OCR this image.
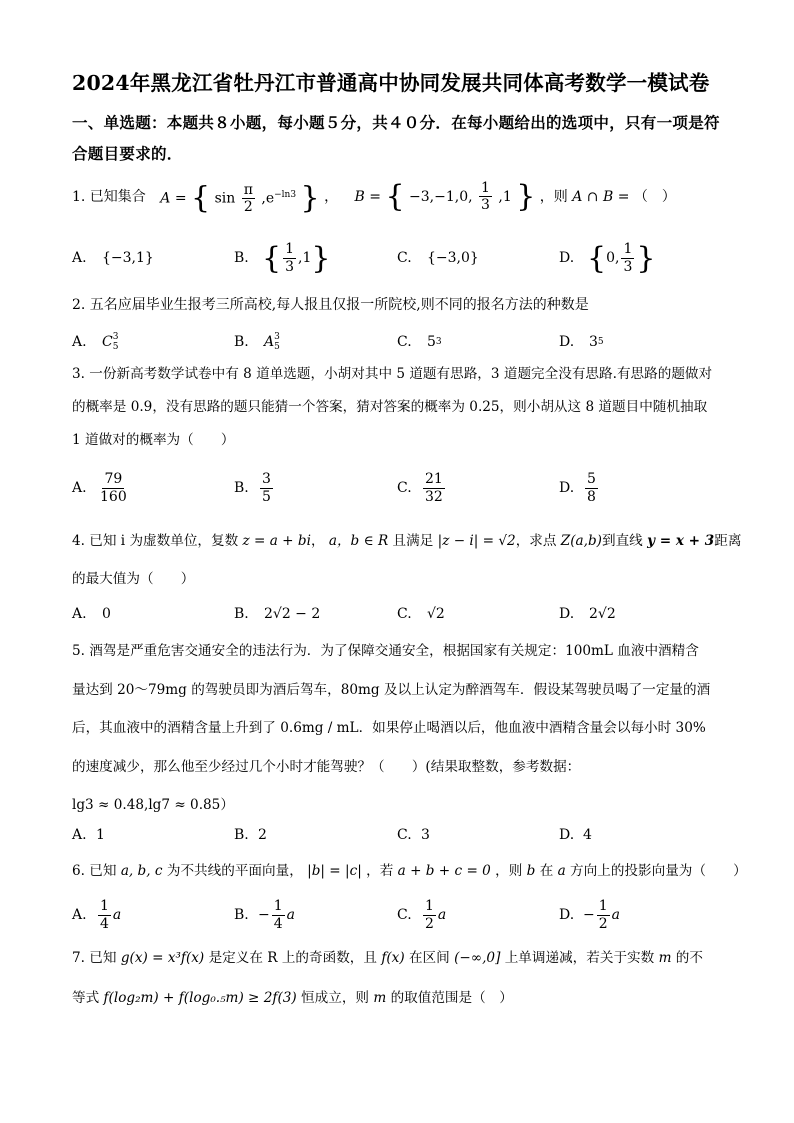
2024年黑龙江省牡丹江市普通高中协同发展共同体高考数学一模试卷
一、单选题：本题共８小题，每小题５分，共４０分．在每小题给出的选项中，只有一项是符
合题目要求的．
1. 已知集合 A = { $\sin \frac{\pi}{2} ,e^{-ln3}$ } ， B = { −3,−1,0, $\frac{1}{3} ,1$ } ，则 A ∩ B = （　）
A.	{−3,1}	B. { $\frac{1}{3} ,1$ }	C.	{−3,0}	D. { 0, $\frac{1}{3}$ }
2. 五名应届毕业生报考三所高校,每人报且仅报一所院校,则不同的报名方法的种数是
A.	C 3
5	B.	A 3
5	C.	5 3	D.	3 5
3. 一份新高考数学试卷中有 8 道单选题，小胡对其中 5 道题有思路，3 道题完全没有思路.有思路的题做对
的概率是 0.9，没有思路的题只能猜一个答案，猜对答案的概率为 0.25，则小胡从这 8 道题目中随机抽取
1 道做对的概率为（　　）
A. $\frac{79}{160}$	B. $\frac{3}{5}$	C. $\frac{21}{32}$	D. $\frac{5}{8}$
4. 已知 i 为虚数单位，复数 z = a + bi， a，b ∈ R 且满足 |z − i| = √2，求点 Z(a,b)到直线 y = x + 3距离
的最大值为（　　）
A.	0	B.	2√2 − 2	C.	√2	D.	2√2
5. 酒驾是严重危害交通安全的违法行为．为了保障交通安全，根据国家有关规定：100mL 血液中酒精含
量达到 20～79mg 的驾驶员即为酒后驾车，80mg 及以上认定为醉酒驾车．假设某驾驶员喝了一定量的酒
后，其血液中的酒精含量上升到了 0.6mg / mL．如果停止喝酒以后，他血液中酒精含量会以每小时 30%
的速度减少，那么他至少经过几个小时才能驾驶？（　　）(结果取整数，参考数据：
lg3 ≈ 0.48,lg7 ≈ 0.85）
A. 1	B. 2	C. 3	D. 4
6. 已知 a, b, c 为不共线的平面向量， |b| = |c| ，若 a + b + c = 0 ，则 b 在 a 方向上的投影向量为（　　）
A. $\frac{1}{4}$ a	B. − $\frac{1}{4}$ a	C. $\frac{1}{2}$ a	D. − $\frac{1}{2}$ a
7. 已知 g(x) = x³f(x) 是定义在 R 上的奇函数，且 f(x) 在区间 (−∞,0] 上单调递减，若关于实数 m 的不
等式 f(log₂m) + f(log₀.₅m) ≥ 2f(3) 恒成立，则 m 的取值范围是（　）
